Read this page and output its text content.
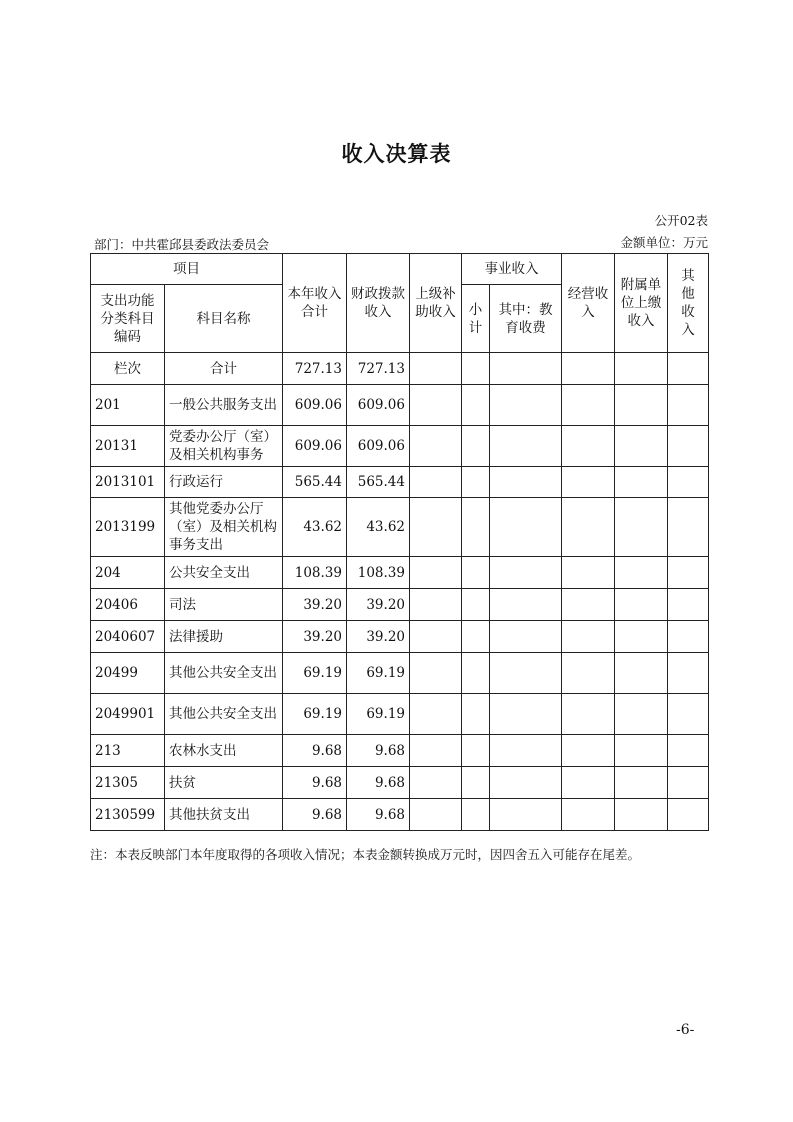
收入决算表
公开02表
部门：中共霍邱县委政法委员会	金额单位：万元
项目		本年收入合计	财政拨款收入	上级补助收入	事业收入		经营收入	附属单位上缴收入	其他收入
支出功能分类科目编码	科目名称				小计	其中：教育收费			
栏次	合计	727.13	727.13						
201	一般公共服务支出	609.06	609.06						
20131	党委办公厅（室）及相关机构事务	609.06	609.06						
2013101	行政运行	565.44	565.44						
2013199	其他党委办公厅（室）及相关机构事务支出	43.62	43.62						
204	公共安全支出	108.39	108.39						
20406	司法	39.20	39.20						
2040607	法律援助	39.20	39.20						
20499	其他公共安全支出	69.19	69.19						
2049901	其他公共安全支出	69.19	69.19						
213	农林水支出	9.68	9.68						
21305	扶贫	9.68	9.68						
2130599	其他扶贫支出	9.68	9.68						
注：本表反映部门本年度取得的各项收入情况；本表金额转换成万元时，因四舍五入可能存在尾差。
-6-
